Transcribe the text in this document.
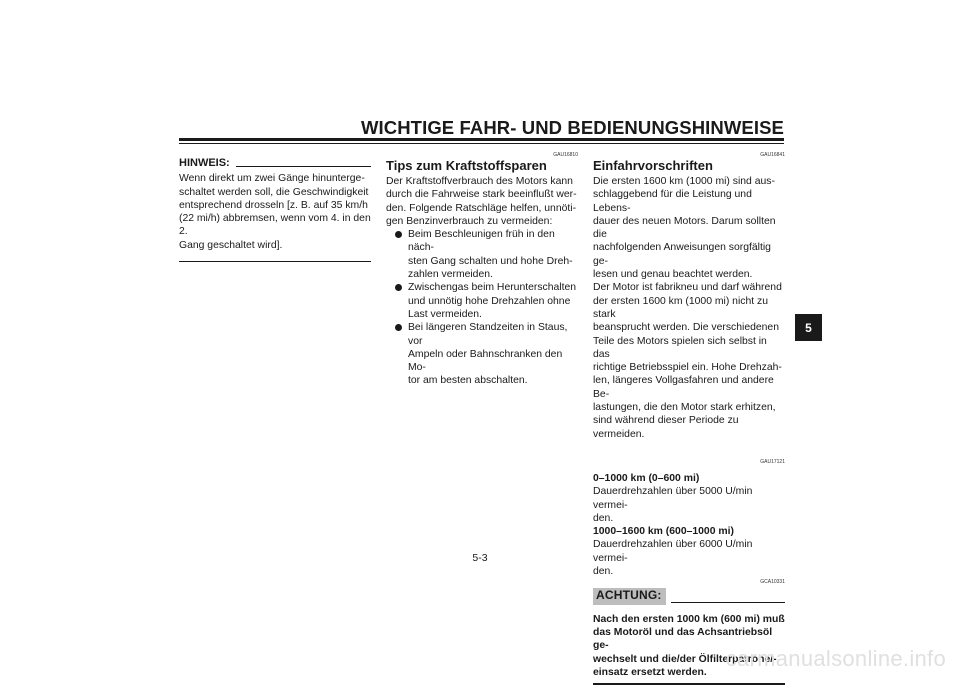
WICHTIGE FAHR- UND BEDIENUNGSHINWEISE
5
HINWEIS:
Wenn direkt um zwei Gänge hinunterge-
schaltet werden soll, die Geschwindigkeit
entsprechend drosseln [z. B. auf 35 km/h
(22 mi/h) abbremsen, wenn vom 4. in den 2.
Gang geschaltet wird].
GAU16810
Tips zum Kraftstoffsparen
Der Kraftstoffverbrauch des Motors kann
durch die Fahrweise stark beeinflußt wer-
den. Folgende Ratschläge helfen, unnöti-
gen Benzinverbrauch zu vermeiden:
Beim Beschleunigen früh in den näch-
sten Gang schalten und hohe Dreh-
zahlen vermeiden.
Zwischengas beim Herunterschalten
und unnötig hohe Drehzahlen ohne
Last vermeiden.
Bei längeren Standzeiten in Staus, vor
Ampeln oder Bahnschranken den Mo-
tor am besten abschalten.
GAU16841
Einfahrvorschriften
Die ersten 1600 km (1000 mi) sind aus-
schlaggebend für die Leistung und Lebens-
dauer des neuen Motors. Darum sollten die
nachfolgenden Anweisungen sorgfältig ge-
lesen und genau beachtet werden.
Der Motor ist fabrikneu und darf während
der ersten 1600 km (1000 mi) nicht zu stark
beansprucht werden. Die verschiedenen
Teile des Motors spielen sich selbst in das
richtige Betriebsspiel ein. Hohe Drehzah-
len, längeres Vollgasfahren und andere Be-
lastungen, die den Motor stark erhitzen,
sind während dieser Periode zu vermeiden.
GAU17121
0–1000 km (0–600 mi)
Dauerdrehzahlen über 5000 U/min vermei-
den.
1000–1600 km (600–1000 mi)
Dauerdrehzahlen über 6000 U/min vermei-
den.
GCA10331
ACHTUNG:
Nach den ersten 1000 km (600 mi) muß
das Motoröl und das Achsantriebsöl ge-
wechselt und die/der Ölfilterpatrone/-
einsatz ersetzt werden.
5-3
carmanualsonline.info
